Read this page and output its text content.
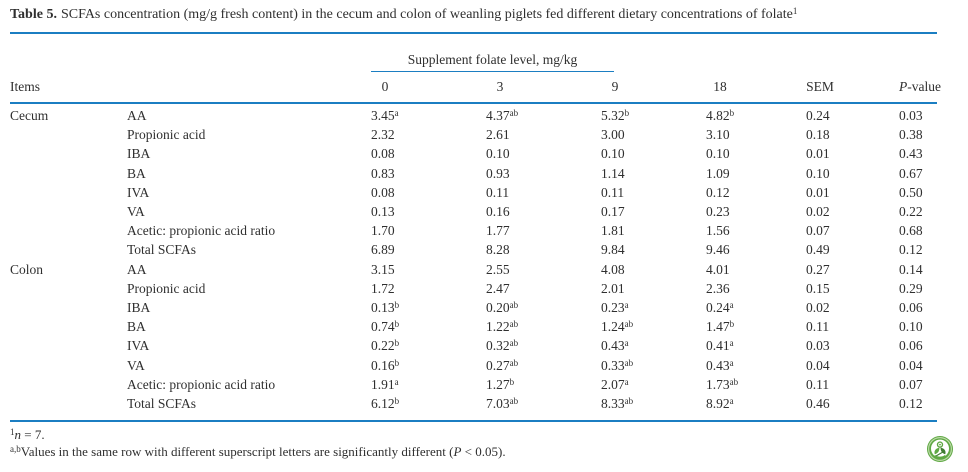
Table 5. SCFAs concentration (mg/g fresh content) in the cecum and colon of weanling piglets fed different dietary concentrations of folate$^1$

		Supplement folate level, mg/kg					

Items		0	3	9	18	SEM	P-value
Cecum	AA	3.45$^a$	4.37$^{ab}$	5.32$^b$	4.82$^b$	0.24	0.03
	Propionic acid	2.32	2.61	3.00	3.10	0.18	0.38
	IBA	0.08	0.10	0.10	0.10	0.01	0.43
	BA	0.83	0.93	1.14	1.09	0.10	0.67
	IVA	0.08	0.11	0.11	0.12	0.01	0.50
	VA	0.13	0.16	0.17	0.23	0.02	0.22
	Acetic: propionic acid ratio	1.70	1.77	1.81	1.56	0.07	0.68
	Total SCFAs	6.89	8.28	9.84	9.46	0.49	0.12
Colon	AA	3.15	2.55	4.08	4.01	0.27	0.14
	Propionic acid	1.72	2.47	2.01	2.36	0.15	0.29
	IBA	0.13$^b$	0.20$^{ab}$	0.23$^a$	0.24$^a$	0.02	0.06
	BA	0.74$^b$	1.22$^{ab}$	1.24$^{ab}$	1.47$^b$	0.11	0.10
	IVA	0.22$^b$	0.32$^{ab}$	0.43$^a$	0.41$^a$	0.03	0.06
	VA	0.16$^b$	0.27$^{ab}$	0.33$^{ab}$	0.43$^a$	0.04	0.04
	Acetic: propionic acid ratio	1.91$^a$	1.27$^b$	2.07$^a$	1.73$^{ab}$	0.11	0.07
	Total SCFAs	6.12$^b$	7.03$^{ab}$	8.33$^{ab}$	8.92$^a$	0.46	0.12
$^1$n = 7.
$^{a,b}$Values in the same row with different superscript letters are significantly different (P < 0.05).
